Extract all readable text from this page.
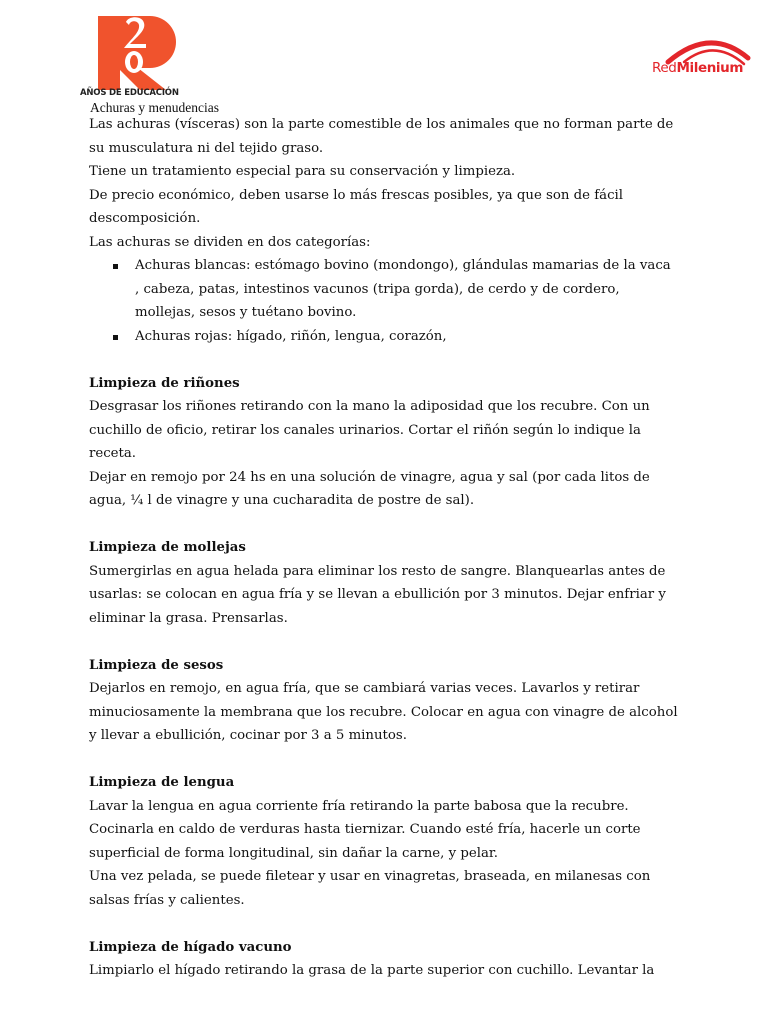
AÑOS DE EDUCACIÓN
RedMilenium
Achuras y menudencias

Las achuras (vísceras) son la parte comestible de los animales que no forman parte de su musculatura ni del tejido graso.

Tiene un tratamiento especial para su conservación y limpieza.

De precio económico, deben usarse lo más frescas posibles, ya que son de fácil descomposición.

Las achuras se dividen en dos categorías:

Achuras blancas: estómago bovino (mondongo), glándulas mamarias de la vaca , cabeza, patas, intestinos vacunos (tripa gorda), de cerdo y de cordero, mollejas, sesos y tuétano bovino.
Achuras rojas: hígado, riñón, lengua, corazón,
Limpieza de riñones

Desgrasar los riñones retirando con la mano la adiposidad que los recubre. Con un cuchillo de oficio, retirar los canales urinarios. Cortar el riñón según lo indique la receta.

Dejar en remojo por 24 hs en una solución de vinagre, agua y sal (por cada litos de agua, ¼ l de vinagre y una cucharadita de postre de sal).

Limpieza de mollejas

Sumergirlas en agua helada para eliminar los resto de sangre. Blanquearlas antes de usarlas: se colocan en agua fría y se llevan a ebullición por 3 minutos. Dejar enfriar y eliminar la grasa. Prensarlas.

Limpieza de sesos

Dejarlos en remojo, en agua fría, que se cambiará varias veces. Lavarlos y retirar minuciosamente la membrana que los recubre. Colocar en agua con vinagre de alcohol y llevar a ebullición, cocinar por 3 a 5 minutos.

Limpieza de lengua

Lavar la lengua en agua corriente fría retirando la parte babosa que la recubre. Cocinarla en caldo de verduras hasta tiernizar. Cuando esté fría, hacerle un corte superficial de forma longitudinal, sin dañar la carne, y pelar.

Una vez pelada, se puede filetear y usar en vinagretas, braseada, en milanesas con salsas frías y calientes.

Limpieza de hígado vacuno

Limpiarlo el hígado retirando la grasa de la parte superior con cuchillo. Levantar la
